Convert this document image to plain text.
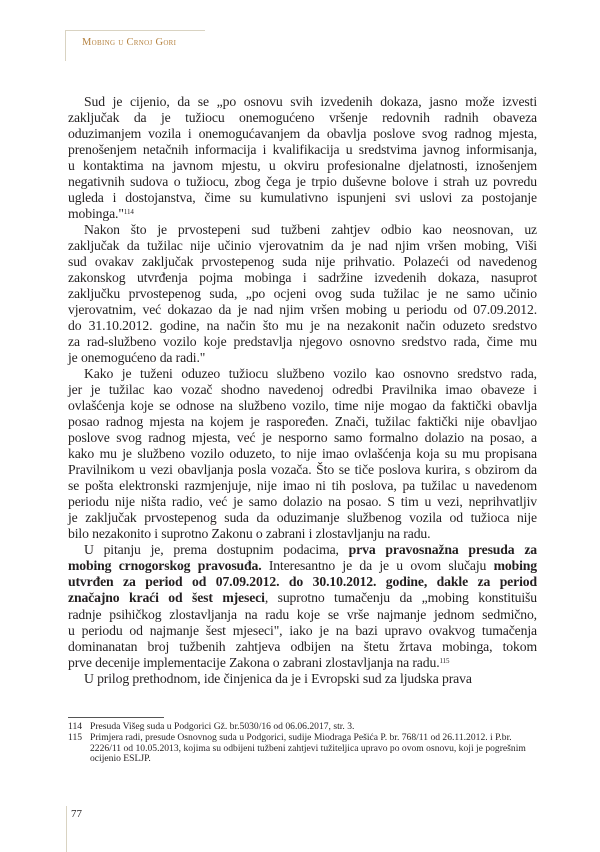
Mobing u Crnoj Gori
Sud je cijenio, da se „po osnovu svih izvedenih dokaza, jasno može izvesti
zaključak da je tužiocu onemogućeno vršenje redovnih radnih obaveza
oduzimanjem vozila i onemogućavanjem da obavlja poslove svog radnog mjesta,
prenošenjem netačnih informacija i kvalifikacija u sredstvima javnog informisanja,
u kontaktima na javnom mjestu, u okviru profesionalne djelatnosti, iznošenjem
negativnih sudova o tužiocu, zbog čega je trpio duševne bolove i strah uz povredu
ugleda i dostojanstva, čime su kumulativno ispunjeni svi uslovi za postojanje
mobinga."$^{114}$
Nakon što je prvostepeni sud tužbeni zahtjev odbio kao neosnovan, uz
zaključak da tužilac nije učinio vjerovatnim da je nad njim vršen mobing, Viši
sud ovakav zaključak prvostepenog suda nije prihvatio. Polazeći od navedenog
zakonskog utvrđenja pojma mobinga i sadržine izvedenih dokaza, nasuprot
zaključku prvostepenog suda, „po ocjeni ovog suda tužilac je ne samo učinio
vjerovatnim, već dokazao da je nad njim vršen mobing u periodu od 07.09.2012.
do 31.10.2012. godine, na način što mu je na nezakonit način oduzeto sredstvo
za rad-službeno vozilo koje predstavlja njegovo osnovno sredstvo rada, čime mu
je onemogućeno da radi."
Kako je tuženi oduzeo tužiocu službeno vozilo kao osnovno sredstvo rada,
jer je tužilac kao vozač shodno navedenoj odredbi Pravilnika imao obaveze i
ovlašćenja koje se odnose na službeno vozilo, time nije mogao da faktički obavlja
posao radnog mjesta na kojem je raspoređen. Znači, tužilac faktički nije obavljao
poslove svog radnog mjesta, već je nesporno samo formalno dolazio na posao, a
kako mu je službeno vozilo oduzeto, to nije imao ovlašćenja koja su mu propisana
Pravilnikom u vezi obavljanja posla vozača. Što se tiče poslova kurira, s obzirom da
se pošta elektronski razmjenjuje, nije imao ni tih poslova, pa tužilac u navedenom
periodu nije ništa radio, već je samo dolazio na posao. S tim u vezi, neprihvatljiv
je zaključak prvostepenog suda da oduzimanje službenog vozila od tužioca nije
bilo nezakonito i suprotno Zakonu o zabrani i zlostavljanju na radu.
U pitanju je, prema dostupnim podacima, prva pravosnažna presuda za
mobing crnogorskog pravosuđa. Interesantno je da je u ovom slučaju mobing
utvrđen za period od 07.09.2012. do 30.10.2012. godine, dakle za period
značajno kraći od šest mjeseci, suprotno tumačenju da „mobing konstituišu
radnje psihičkog zlostavljanja na radu koje se vrše najmanje jednom sedmično,
u periodu od najmanje šest mjeseci", iako je na bazi upravo ovakvog tumačenja
dominanatan broj tužbenih zahtjeva odbijen na štetu žrtava mobinga, tokom
prve decenije implementacije Zakona o zabrani zlostavljanja na radu.$^{115}$
U prilog prethodnom, ide činjenica da je i Evropski sud za ljudska prava
114 Presuda Višeg suda u Podgorici Gž. br.5030/16 od 06.06.2017, str. 3.
115 Primjera radi, presude Osnovnog suda u Podgorici, sudije Miodraga Pešića P. br. 768/11 od 26.11.2012. i P.br. 2226/11 od 10.05.2013, kojima su odbijeni tužbeni zahtjevi tužiteljica upravo po ovom osnovu, koji je pogrešnim ocijenio ESLJP.
77
